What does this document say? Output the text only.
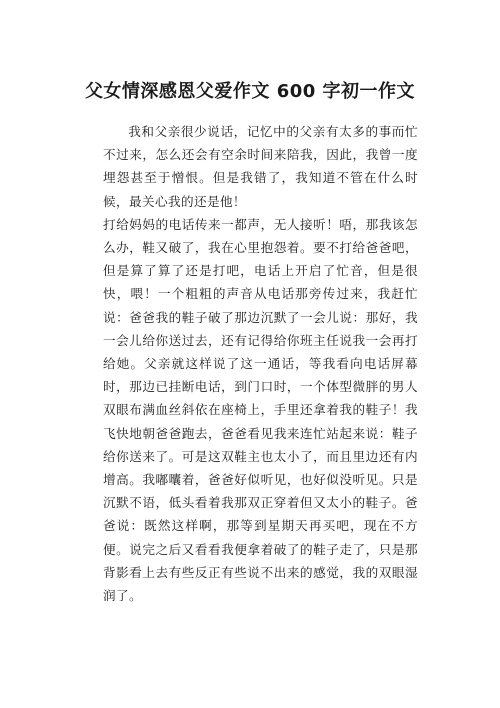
父女情深感恩父爱作文 600 字初一作文

我和父亲很少说话，记忆中的父亲有太多的事而忙不过来，怎么还会有空余时间来陪我，因此，我曾一度埋怨甚至于憎恨。但是我错了，我知道不管在什么时候，最关心我的还是他！

打给妈妈的电话传来一都声，无人接听！唔，那我该怎么办，鞋又破了，我在心里抱怨着。要不打给爸爸吧，但是算了算了还是打吧，电话上开启了忙音，但是很快，喂！一个粗粗的声音从电话那旁传过来，我赶忙说：爸爸我的鞋子破了那边沉默了一会儿说：那好，我一会儿给你送过去，还有记得给你班主任说我一会再打给她。父亲就这样说了这一通话，等我看向电话屏幕时，那边已挂断电话，到门口时，一个体型微胖的男人双眼布满血丝斜依在座椅上，手里还拿着我的鞋子！我飞快地朝爸爸跑去，爸爸看见我来连忙站起来说：鞋子给你送来了。可是这双鞋主也太小了，而且里边还有内增高。我嘟囔着，爸爸好似听见，也好似没听见。只是沉默不语，低头看着我那双正穿着但又太小的鞋子。爸爸说：既然这样啊，那等到星期天再买吧，现在不方便。说完之后又看看我便拿着破了的鞋子走了，只是那背影看上去有些反正有些说不出来的感觉，我的双眼湿润了。
